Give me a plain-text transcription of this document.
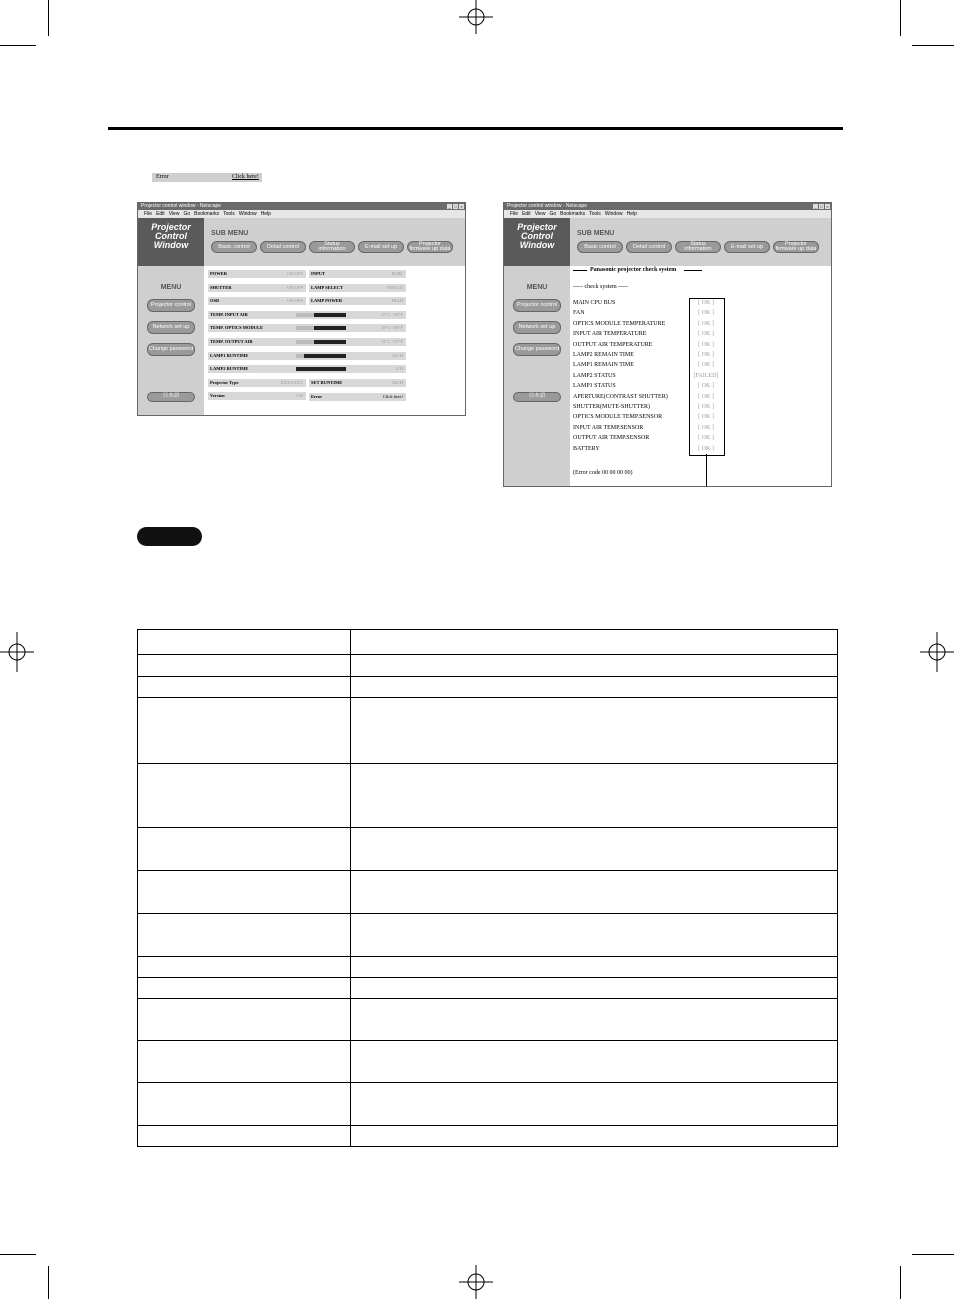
Error	Click here!
Projector control window - Netscape	_ □ ×
File Edit View Go Bookmarks Tools Window Help
Projector
Control
Window
MENU
Projector control
Network set up
Change password
日本語
SUB MENU
Basic control	Detail control	Status information	E-mail set up	Projector firmware up data
POWER	ON OFF
SHUTTER	ON OFF
OSD	ON OFF
TEMP. INPUT AIR	27°C / 80°F
TEMP. OPTICS MODULE	30°C / 86°F
TEMP. OUTPUT AIR	31°C / 87°F
LAMP1 RUNTIME	324 H
LAMP2 RUNTIME	0 H
Projector Type	XXXXXXX
Version	1.00
INPUT	RGB1
LAMP SELECT	SINGLE
LAMP POWER	HIGH
SET RUNTIME	324 H
Error	Click here!
Projector control window - Netscape	_ □ ×
File Edit View Go Bookmarks Tools Window Help
Projector
Control
Window
MENU
Projector control
Network set up
Change password
日本語
SUB MENU
Basic control	Detail control	Status information	E-mail set up	Projector firmware up data
Panasonic projector check system
----- check system -----
MAIN CPU BUS	[ OK ]
FAN	[ OK ]
OPTICS MODULE TEMPERATURE	[ OK ]
INPUT AIR TEMPERATURE	[ OK ]
OUTPUT AIR TEMPERATURE	[ OK ]
LAMP2 REMAIN TIME	[ OK ]
LAMP1 REMAIN TIME	[ OK ]
LAMP2 STATUS	[FAILED]
LAMP1 STATUS	[ OK ]
APERTURE(CONTRAST SHUTTER)	[ OK ]
SHUTTER(MUTE-SHUTTER)	[ OK ]
OPTICS MODULE TEMP.SENSOR	[ OK ]
INPUT AIR TEMP.SENSOR	[ OK ]
OUTPUT AIR TEMP.SENSOR	[ OK ]
BATTERY	[ OK ]
(Error code 00 00 00 00)
